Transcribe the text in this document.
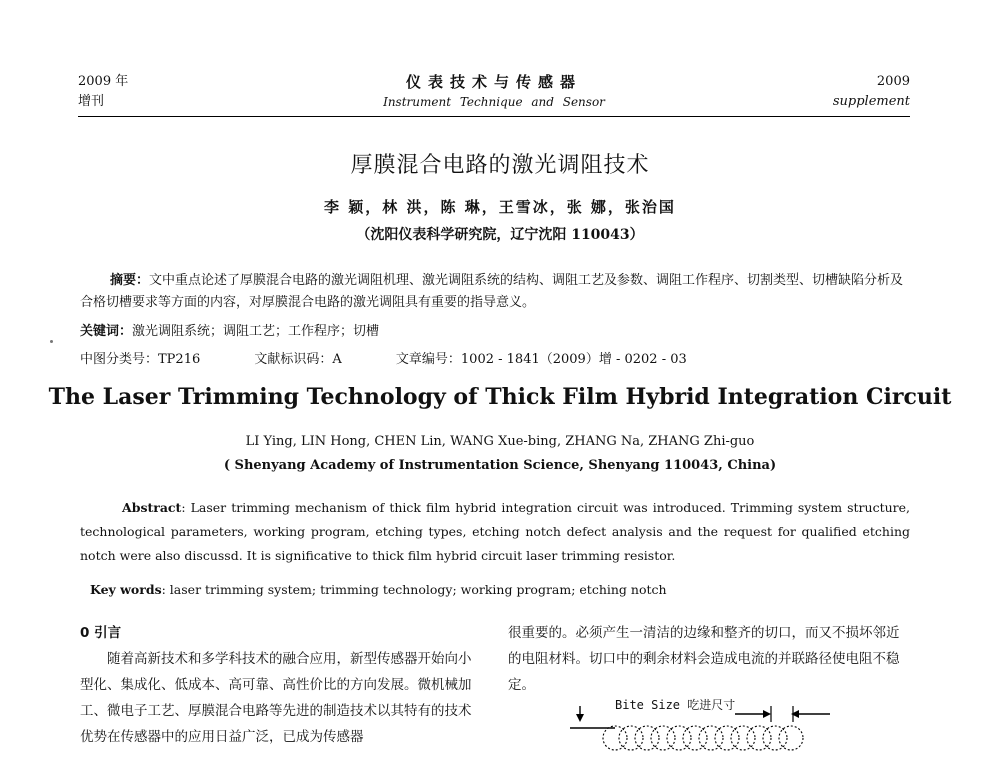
2009 年
增刊
仪表技术与传感器
Instrument Technique and Sensor
2009
supplement
厚膜混合电路的激光调阻技术
李 颖，林 洪，陈 琳，王雪冰，张 娜，张治国
（沈阳仪表科学研究院，辽宁沈阳 110043）
摘要：文中重点论述了厚膜混合电路的激光调阻机理、激光调阻系统的结构、调阻工艺及参数、调阻工作程序、切割类型、切槽缺陷分析及合格切槽要求等方面的内容，对厚膜混合电路的激光调阻具有重要的指导意义。
关键词：激光调阻系统；调阻工艺；工作程序；切槽
中图分类号：TP216	文献标识码：A	文章编号：1002 - 1841（2009）增 - 0202 - 03
The Laser Trimming Technology of Thick Film Hybrid Integration Circuit
LI Ying, LIN Hong, CHEN Lin, WANG Xue-bing, ZHANG Na, ZHANG Zhi-guo
( Shenyang Academy of Instrumentation Science, Shenyang 110043, China)
Abstract: Laser trimming mechanism of thick film hybrid integration circuit was introduced. Trimming system structure, technological parameters, working program, etching types, etching notch defect analysis and the request for qualified etching notch were also discussd. It is significative to thick film hybrid circuit laser trimming resistor.
Key words: laser trimming system; trimming technology; working program; etching notch
0 引言
随着高新技术和多学科技术的融合应用，新型传感器开始向小型化、集成化、低成本、高可靠、高性价比的方向发展。微机械加工、微电子工艺、厚膜混合电路等先进的制造技术以其特有的技术优势在传感器中的应用日益广泛，已成为传感器
很重要的。必须产生一清洁的边缘和整齐的切口，而又不损坏邻近的电阻材料。切口中的剩余材料会造成电流的并联路径使电阻不稳定。
Bite Size 吃进尺寸
